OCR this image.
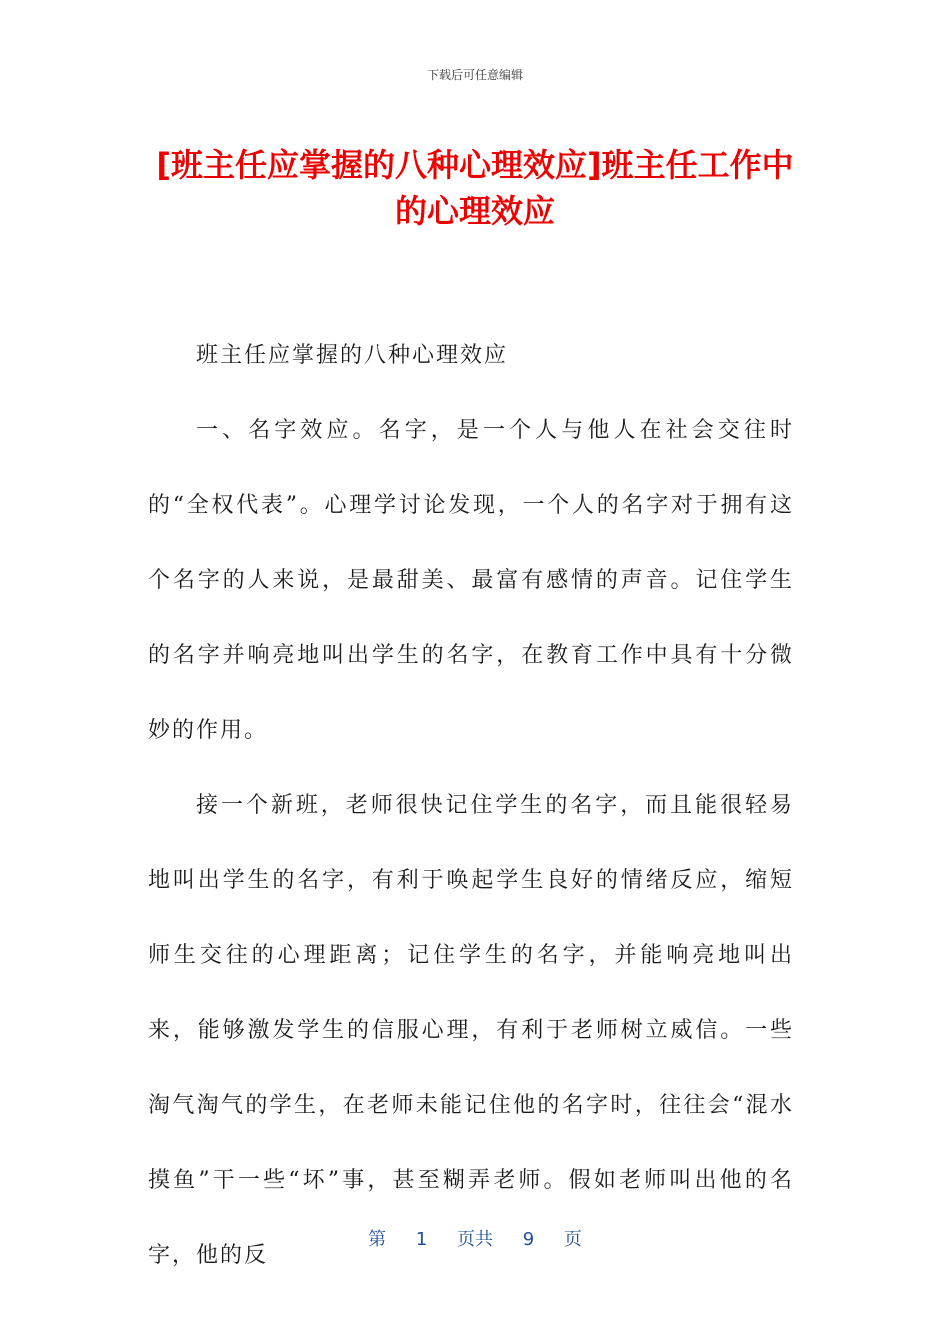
下载后可任意编辑
[班主任应掌握的八种心理效应]班主任工作中的心理效应

班主任应掌握的八种心理效应

一、名字效应。名字，是一个人与他人在社会交往时的“全权代表”。心理学讨论发现，一个人的名字对于拥有这个名字的人来说，是最甜美、最富有感情的声音。记住学生的名字并响亮地叫出学生的名字，在教育工作中具有十分微妙的作用。

接一个新班，老师很快记住学生的名字，而且能很轻易地叫出学生的名字，有利于唤起学生良好的情绪反应，缩短师生交往的心理距离；记住学生的名字，并能响亮地叫出来，能够激发学生的信服心理，有利于老师树立威信。一些淘气淘气的学生，在老师未能记住他的名字时，往往会“混水摸鱼”干一些“坏”事，甚至糊弄老师。假如老师叫出他的名字，他的反

第 1 页共 9 页
